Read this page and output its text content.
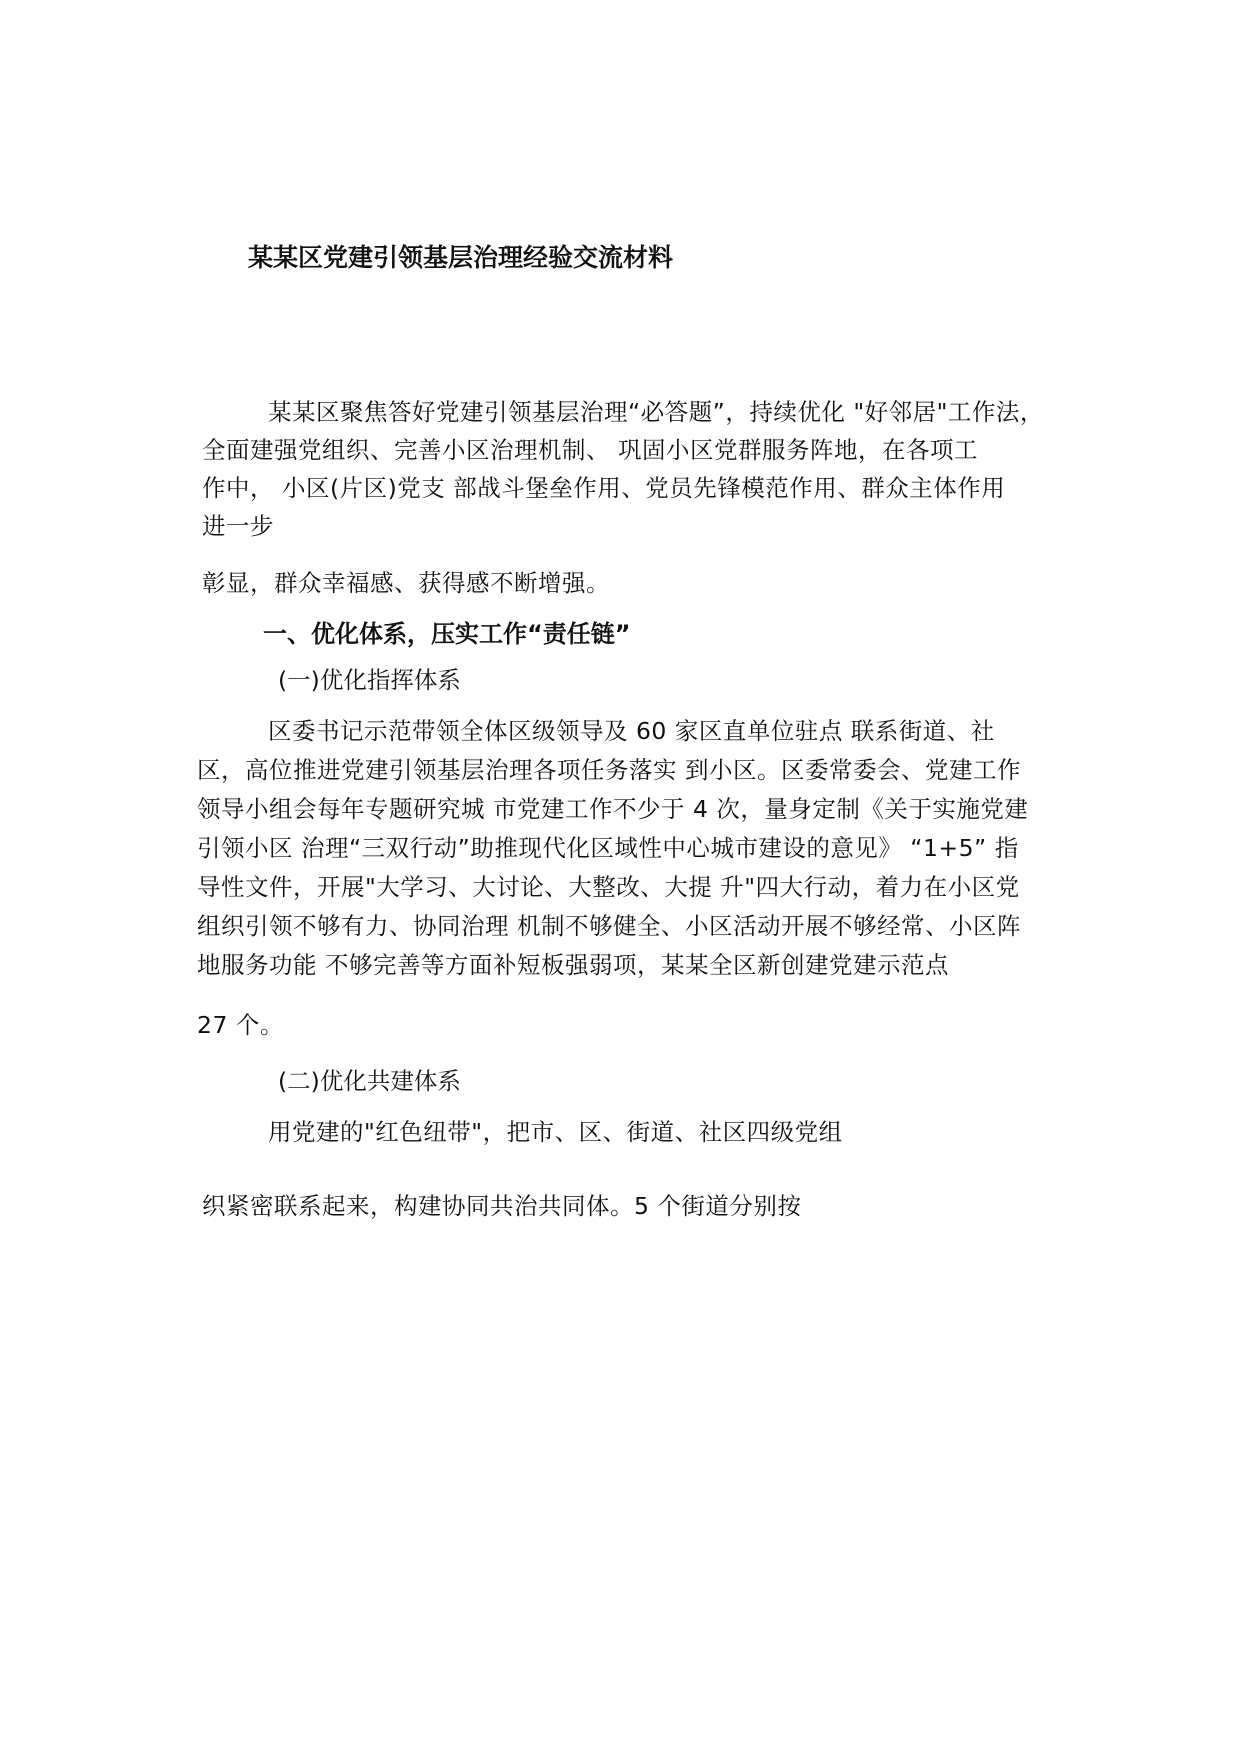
某某区党建引领基层治理经验交流材料
某某区聚焦答好党建引领基层治理“必答题”，持续优化 "好邻居"工作法，
全面建强党组织、完善小区治理机制、 巩固小区党群服务阵地，在各项工
作中， 小区(片区)党支 部战斗堡垒作用、党员先锋模范作用、群众主体作用
进一步
彰显，群众幸福感、获得感不断增强。
一、优化体系，压实工作“责任链”
(一)优化指挥体系
区委书记示范带领全体区级领导及 60 家区直单位驻点 联系街道、社
区，高位推进党建引领基层治理各项任务落实 到小区。区委常委会、党建工作
领导小组会每年专题研究城 市党建工作不少于 4 次，量身定制《关于实施党建
引领小区 治理“三双行动”助推现代化区域性中心城市建设的意见》 “1+5” 指
导性文件，开展"大学习、大讨论、大整改、大提 升"四大行动，着力在小区党
组织引领不够有力、协同治理 机制不够健全、小区活动开展不够经常、小区阵
地服务功能 不够完善等方面补短板强弱项，某某全区新创建党建示范点
27 个。
(二)优化共建体系
用党建的"红色纽带"，把市、区、街道、社区四级党组
织紧密联系起来，构建协同共治共同体。5 个街道分别按
